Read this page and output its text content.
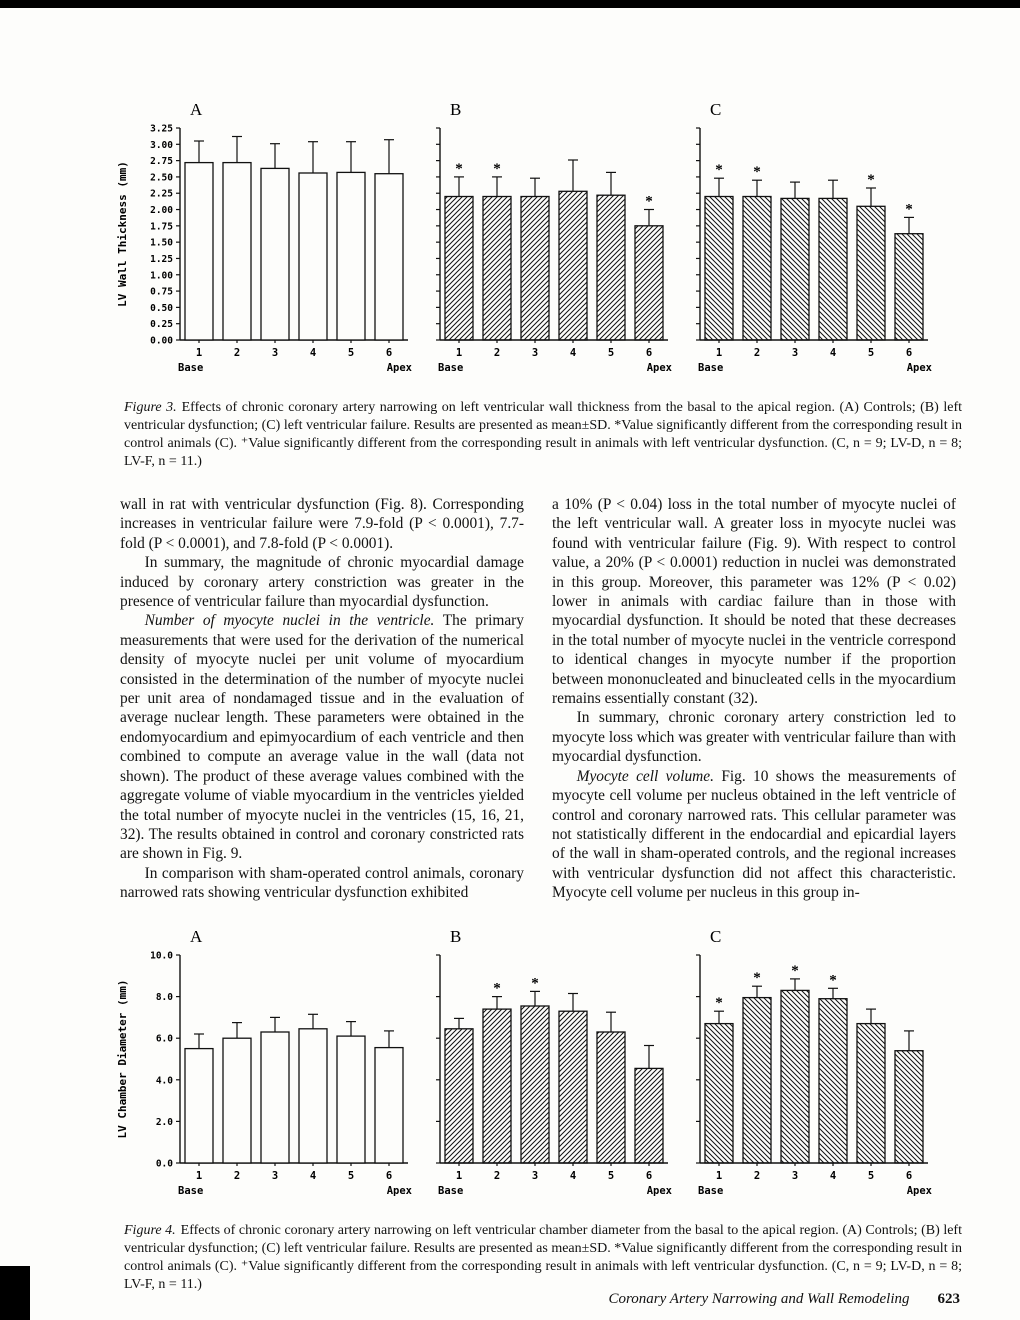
A
0.00
0.25
0.50
0.75
1.00
1.25
1.50
1.75
2.00
2.25
2.50
2.75
3.00
3.25
1	2	3	4	5	6
Base	Apex
LV Wall Thickness (mm)
B
*
1
*
2	3	4	5
*
6
Base	Apex
C
*
1
*
2	3	4
*
5
*
6
Base	Apex

Figure 3. Effects of chronic coronary artery narrowing on left ventricular wall thickness from the basal to the apical region. (A) Controls; (B) left ventricular dysfunction; (C) left ventricular failure. Results are presented as mean±SD. *Value significantly different from the corresponding result in control animals (C). ⁺Value significantly different from the corresponding result in animals with left ventricular dysfunction. (C, n = 9; LV-D, n = 8; LV-F, n = 11.)

wall in rat with ventricular dysfunction (Fig. 8). Corresponding increases in ventricular failure were 7.9-fold (P < 0.0001), 7.7-fold (P < 0.0001), and 7.8-fold (P < 0.0001).

In summary, the magnitude of chronic myocardial damage induced by coronary artery constriction was greater in the presence of ventricular failure than myocardial dysfunction.

Number of myocyte nuclei in the ventricle. The primary measurements that were used for the derivation of the numerical density of myocyte nuclei per unit volume of myocardium consisted in the determination of the number of myocyte nuclei per unit area of nondamaged tissue and in the evaluation of average nuclear length. These parameters were obtained in the endomyocardium and epimyocardium of each ventricle and then combined to compute an average value in the wall (data not shown). The product of these average values combined with the aggregate volume of viable myocardium in the ventricles yielded the total number of myocyte nuclei in the ventricles (15, 16, 21, 32). The results obtained in control and coronary constricted rats are shown in Fig. 9.

In comparison with sham-operated control animals, coronary narrowed rats showing ventricular dysfunction exhibited

a 10% (P < 0.04) loss in the total number of myocyte nuclei of the left ventricular wall. A greater loss in myocyte nuclei was found with ventricular failure (Fig. 9). With respect to control value, a 20% (P < 0.0001) reduction in nuclei was demonstrated in this group. Moreover, this parameter was 12% (P < 0.02) lower in animals with cardiac failure than in those with myocardial dysfunction. It should be noted that these decreases in the total number of myocyte nuclei in the ventricle correspond to identical changes in myocyte number if the proportion between mononucleated and binucleated cells in the myocardium remains essentially constant (32).

In summary, chronic coronary artery constriction led to myocyte loss which was greater with ventricular failure than with myocardial dysfunction.

Myocyte cell volume. Fig. 10 shows the measurements of myocyte cell volume per nucleus obtained in the left ventricle of control and coronary narrowed rats. This cellular parameter was not statistically different in the endocardial and epicardial layers of the wall in sham-operated controls, and the regional increases with ventricular dysfunction did not affect this characteristic. Myocyte cell volume per nucleus in this group in-

A
0.0
2.0
4.0
6.0
8.0
10.0
1	2	3	4	5	6
Base	Apex
LV Chamber Diameter (mm)
B
1
*
2
*
3	4	5	6
Base	Apex
C
*
1
*
2
*
3
*
4	5	6
Base	Apex

Figure 4. Effects of chronic coronary artery narrowing on left ventricular chamber diameter from the basal to the apical region. (A) Controls; (B) left ventricular dysfunction; (C) left ventricular failure. Results are presented as mean±SD. *Value significantly different from the corresponding result in control animals (C). ⁺Value significantly different from the corresponding result in animals with left ventricular dysfunction. (C, n = 9; LV-D, n = 8; LV-F, n = 11.)

Coronary Artery Narrowing and Wall Remodeling 623
